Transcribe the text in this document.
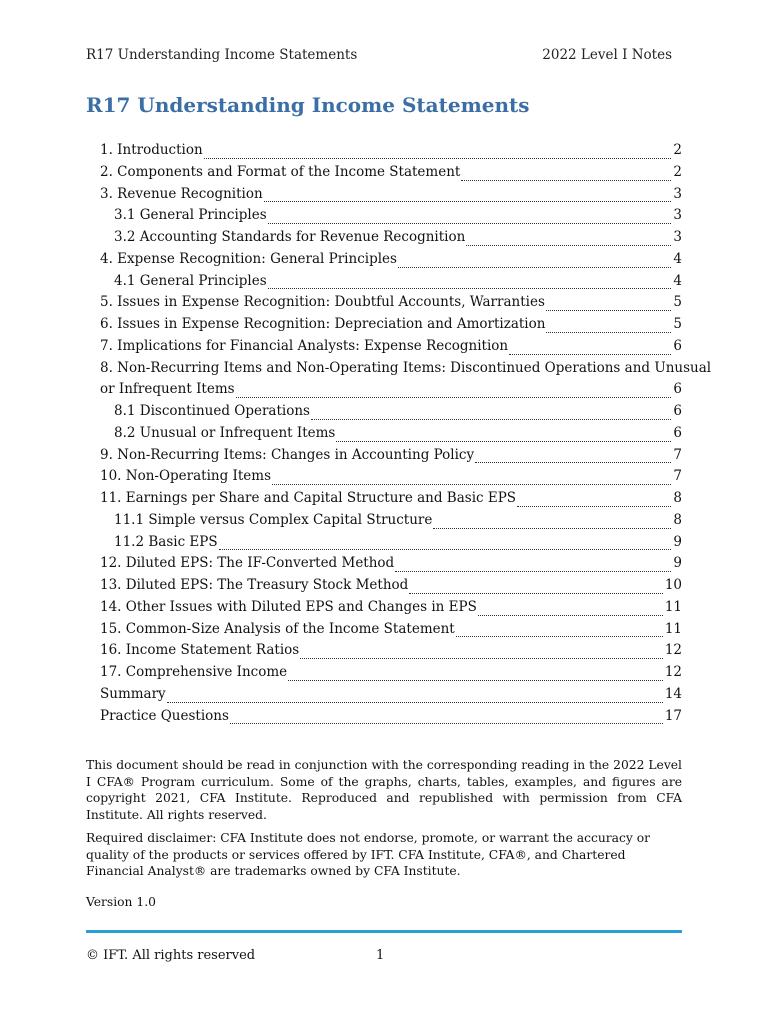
R17 Understanding Income Statements	2022 Level I Notes
R17 Understanding Income Statements
1. Introduction	2
2. Components and Format of the Income Statement	2
3. Revenue Recognition	3
3.1 General Principles	3
3.2 Accounting Standards for Revenue Recognition	3
4. Expense Recognition: General Principles	4
4.1 General Principles	4
5. Issues in Expense Recognition: Doubtful Accounts, Warranties	5
6. Issues in Expense Recognition: Depreciation and Amortization	5
7. Implications for Financial Analysts: Expense Recognition	6
8. Non-Recurring Items and Non-Operating Items: Discontinued Operations and Unusual
or Infrequent Items	6
8.1 Discontinued Operations	6
8.2 Unusual or Infrequent Items	6
9. Non-Recurring Items: Changes in Accounting Policy	7
10. Non-Operating Items	7
11. Earnings per Share and Capital Structure and Basic EPS	8
11.1 Simple versus Complex Capital Structure	8
11.2 Basic EPS	9
12. Diluted EPS: The IF-Converted Method	9
13. Diluted EPS: The Treasury Stock Method	10
14. Other Issues with Diluted EPS and Changes in EPS	11
15. Common-Size Analysis of the Income Statement	11
16. Income Statement Ratios	12
17. Comprehensive Income	12
Summary	14
Practice Questions	17
This document should be read in conjunction with the corresponding reading in the 2022 Level I CFA® Program curriculum. Some of the graphs, charts, tables, examples, and figures are copyright 2021, CFA Institute. Reproduced and republished with permission from CFA Institute. All rights reserved.
Required disclaimer: CFA Institute does not endorse, promote, or warrant the accuracy or quality of the products or services offered by IFT. CFA Institute, CFA®, and Chartered Financial Analyst® are trademarks owned by CFA Institute.
Version 1.0
© IFT. All rights reserved	1
